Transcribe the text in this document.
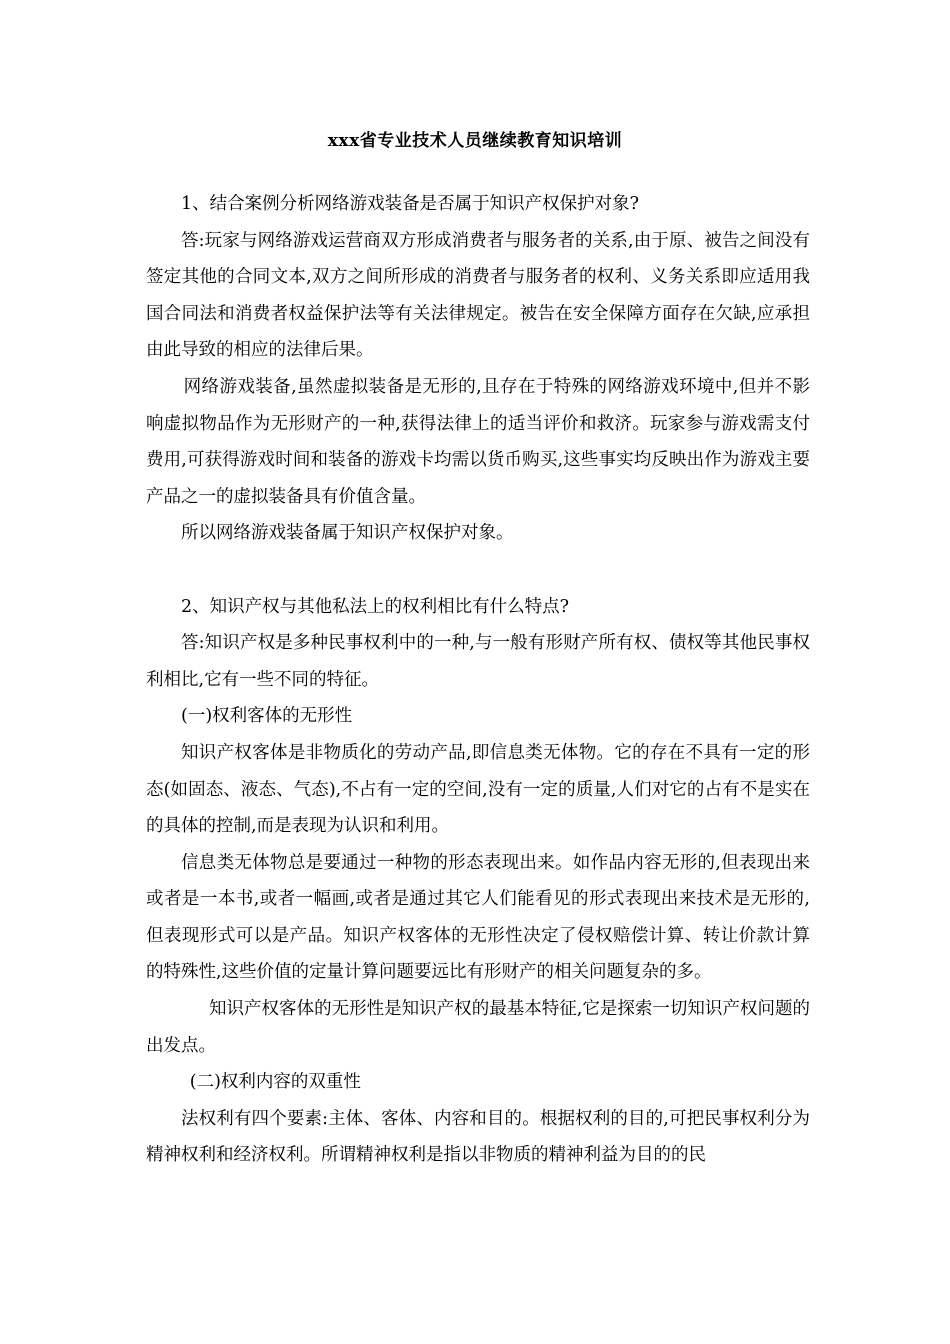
xxx省专业技术人员继续教育知识培训

1、结合案例分析网络游戏装备是否属于知识产权保护对象?

答:玩家与网络游戏运营商双方形成消费者与服务者的关系,由于原、被告之间没有签定其他的合同文本,双方之间所形成的消费者与服务者的权利、义务关系即应适用我国合同法和消费者权益保护法等有关法律规定。被告在安全保障方面存在欠缺,应承担由此导致的相应的法律后果。

网络游戏装备,虽然虚拟装备是无形的,且存在于特殊的网络游戏环境中,但并不影响虚拟物品作为无形财产的一种,获得法律上的适当评价和救济。玩家参与游戏需支付费用,可获得游戏时间和装备的游戏卡均需以货币购买,这些事实均反映出作为游戏主要产品之一的虚拟装备具有价值含量。

所以网络游戏装备属于知识产权保护对象。

2、知识产权与其他私法上的权利相比有什么特点?

答:知识产权是多种民事权利中的一种,与一般有形财产所有权、债权等其他民事权利相比,它有一些不同的特征。

(一)权利客体的无形性

知识产权客体是非物质化的劳动产品,即信息类无体物。它的存在不具有一定的形态(如固态、液态、气态),不占有一定的空间,没有一定的质量,人们对它的占有不是实在的具体的控制,而是表现为认识和利用。

信息类无体物总是要通过一种物的形态表现出来。如作品内容无形的,但表现出来或者是一本书,或者一幅画,或者是通过其它人们能看见的形式表现出来技术是无形的,但表现形式可以是产品。知识产权客体的无形性决定了侵权赔偿计算、转让价款计算的特殊性,这些价值的定量计算问题要远比有形财产的相关问题复杂的多。

知识产权客体的无形性是知识产权的最基本特征,它是探索一切知识产权问题的出发点。

(二)权利内容的双重性

法权利有四个要素:主体、客体、内容和目的。根据权利的目的,可把民事权利分为精神权利和经济权利。所谓精神权利是指以非物质的精神利益为目的的民
